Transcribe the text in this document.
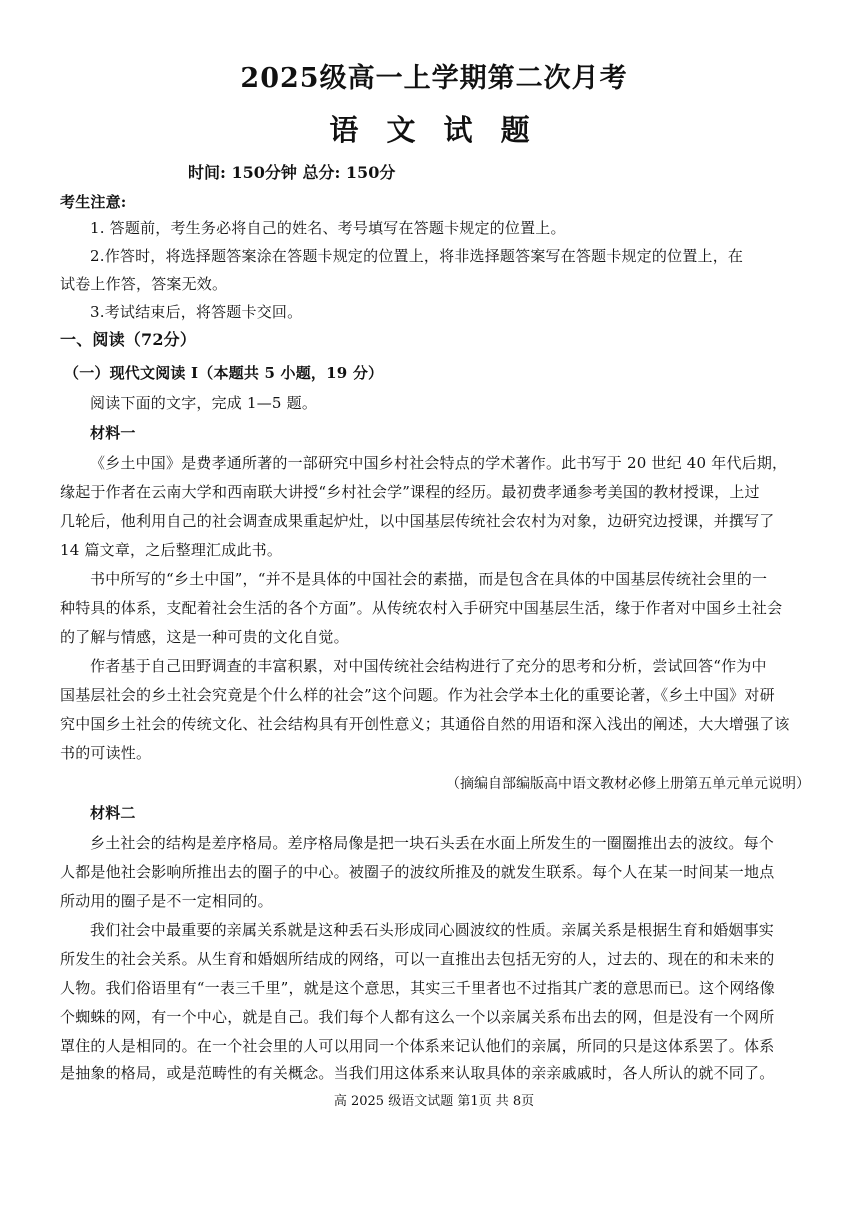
2025级高一上学期第二次月考
语 文 试 题
时间: 150分钟 总分: 150分
考生注意:
1. 答题前，考生务必将自己的姓名、考号填写在答题卡规定的位置上。
2.作答时，将选择题答案涂在答题卡规定的位置上，将非选择题答案写在答题卡规定的位置上，在
试卷上作答，答案无效。
3.考试结束后，将答题卡交回。
一、阅读（72分）
（一）现代文阅读 I（本题共 5 小题，19 分）
阅读下面的文字，完成 1—5 题。
材料一
《乡土中国》是费孝通所著的一部研究中国乡村社会特点的学术著作。此书写于 20 世纪 40 年代后期，
缘起于作者在云南大学和西南联大讲授“乡村社会学”课程的经历。最初费孝通参考美国的教材授课，上过
几轮后，他利用自己的社会调查成果重起炉灶，以中国基层传统社会农村为对象，边研究边授课，并撰写了
14 篇文章，之后整理汇成此书。
书中所写的“乡土中国”，“并不是具体的中国社会的素描，而是包含在具体的中国基层传统社会里的一
种特具的体系，支配着社会生活的各个方面”。从传统农村入手研究中国基层生活，缘于作者对中国乡土社会
的了解与情感，这是一种可贵的文化自觉。
作者基于自己田野调查的丰富积累，对中国传统社会结构进行了充分的思考和分析，尝试回答“作为中
国基层社会的乡土社会究竟是个什么样的社会”这个问题。作为社会学本土化的重要论著，《乡土中国》对研
究中国乡土社会的传统文化、社会结构具有开创性意义；其通俗自然的用语和深入浅出的阐述，大大增强了该
书的可读性。
（摘编自部编版高中语文教材必修上册第五单元单元说明）
材料二
乡土社会的结构是差序格局。差序格局像是把一块石头丢在水面上所发生的一圈圈推出去的波纹。每个
人都是他社会影响所推出去的圈子的中心。被圈子的波纹所推及的就发生联系。每个人在某一时间某一地点
所动用的圈子是不一定相同的。
我们社会中最重要的亲属关系就是这种丢石头形成同心圆波纹的性质。亲属关系是根据生育和婚姻事实
所发生的社会关系。从生育和婚姻所结成的网络，可以一直推出去包括无穷的人，过去的、现在的和未来的
人物。我们俗语里有“一表三千里”，就是这个意思，其实三千里者也不过指其广袤的意思而已。这个网络像
个蜘蛛的网，有一个中心，就是自己。我们每个人都有这么一个以亲属关系布出去的网，但是没有一个网所
罩住的人是相同的。在一个社会里的人可以用同一个体系来记认他们的亲属，所同的只是这体系罢了。体系
是抽象的格局，或是范畴性的有关概念。当我们用这体系来认取具体的亲亲戚戚时，各人所认的就不同了。
高 2025 级语文试题 第1页 共 8页
